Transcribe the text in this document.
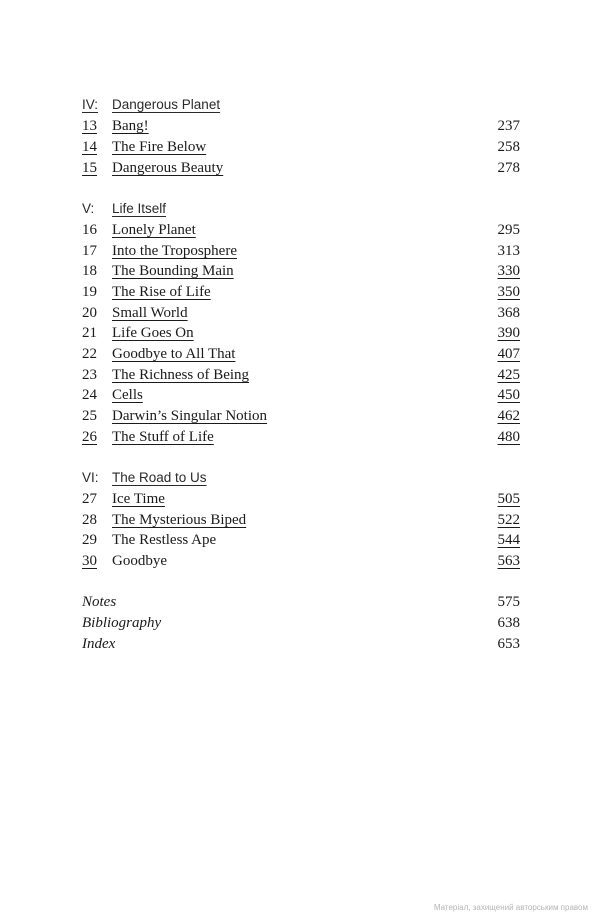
IV: Dangerous Planet
13 Bang!	237
14 The Fire Below	258
15 Dangerous Beauty	278
V: Life Itself
16 Lonely Planet	295
17 Into the Troposphere	313
18 The Bounding Main	330
19 The Rise of Life	350
20 Small World	368
21 Life Goes On	390
22 Goodbye to All That	407
23 The Richness of Being	425
24 Cells	450
25 Darwin’s Singular Notion	462
26 The Stuff of Life	480
VI: The Road to Us
27 Ice Time	505
28 The Mysterious Biped	522
29 The Restless Ape	544
30 Goodbye	563
Notes	575
Bibliography	638
Index	653
Матеріал, захищений авторським правом
